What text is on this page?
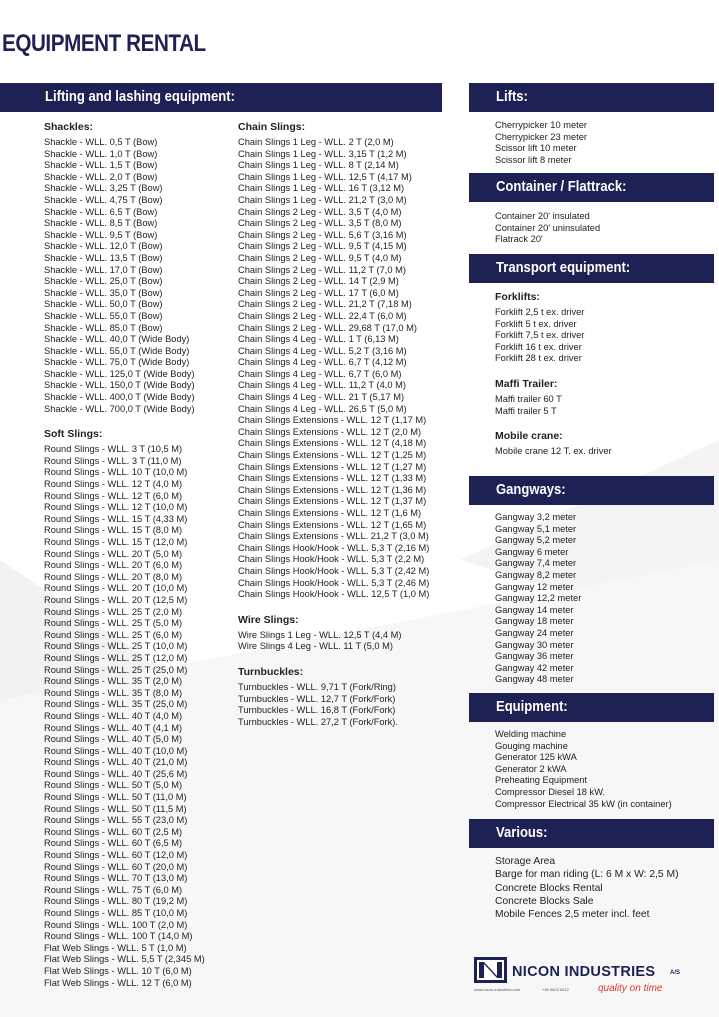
EQUIPMENT RENTAL
Lifting and lashing equipment:	Lifts:
Container / Flattrack:
Transport equipment:
Gangways:
Equipment:
Various:
Shackles:
Shackle - WLL. 0,5 T (Bow)
Shackle - WLL. 1,0 T (Bow)
Shackle - WLL. 1,5 T (Bow)
Shackle - WLL. 2,0 T (Bow)
Shackle - WLL. 3,25 T (Bow)
Shackle - WLL. 4,75 T (Bow)
Shackle - WLL. 6,5 T (Bow)
Shackle - WLL. 8,5 T (Bow)
Shackle - WLL. 9,5 T (Bow)
Shackle - WLL. 12,0 T (Bow)
Shackle - WLL. 13,5 T (Bow)
Shackle - WLL. 17,0 T (Bow)
Shackle - WLL. 25,0 T (Bow)
Shackle - WLL. 35,0 T (Bow)
Shackle - WLL. 50,0 T (Bow)
Shackle - WLL. 55,0 T (Bow)
Shackle - WLL. 85,0 T (Bow)
Shackle - WLL. 40,0 T (Wide Body)
Shackle - WLL. 55,0 T (Wide Body)
Shackle - WLL. 75,0 T (Wide Body)
Shackle - WLL. 125,0 T (Wide Body)
Shackle - WLL. 150,0 T (Wide Body)
Shackle - WLL. 400,0 T (Wide Body)
Shackle - WLL. 700,0 T (Wide Body)
Soft Slings:
Round Slings - WLL. 3 T (10,5 M)
Round Slings - WLL. 3 T (11,0 M)
Round Slings - WLL. 10 T (10,0 M)
Round Slings - WLL. 12 T (4,0 M)
Round Slings - WLL. 12 T (6,0 M)
Round Slings - WLL. 12 T (10,0 M)
Round Slings - WLL. 15 T (4,33 M)
Round Slings - WLL. 15 T (8,0 M)
Round Slings - WLL. 15 T (12,0 M)
Round Slings - WLL. 20 T (5,0 M)
Round Slings - WLL. 20 T (6,0 M)
Round Slings - WLL. 20 T (8,0 M)
Round Slings - WLL. 20 T (10,0 M)
Round Slings - WLL. 20 T (12,5 M)
Round Slings - WLL. 25 T (2,0 M)
Round Slings - WLL. 25 T (5,0 M)
Round Slings - WLL. 25 T (6,0 M)
Round Slings - WLL. 25 T (10,0 M)
Round Slings - WLL. 25 T (12,0 M)
Round Slings - WLL. 25 T (25,0 M)
Round Slings - WLL. 35 T (2,0 M)
Round Slings - WLL. 35 T (8,0 M)
Round Slings - WLL. 35 T (25,0 M)
Round Slings - WLL. 40 T (4,0 M)
Round Slings - WLL. 40 T (4,1 M)
Round Slings - WLL. 40 T (5,0 M)
Round Slings - WLL. 40 T (10,0 M)
Round Slings - WLL. 40 T (21,0 M)
Round Slings - WLL. 40 T (25,6 M)
Round Slings - WLL. 50 T (5,0 M)
Round Slings - WLL. 50 T (11,0 M)
Round Slings - WLL. 50 T (11,5 M)
Round Slings - WLL. 55 T (23,0 M)
Round Slings - WLL. 60 T (2,5 M)
Round Slings - WLL. 60 T (6,5 M)
Round Slings - WLL. 60 T (12,0 M)
Round Slings - WLL. 60 T (20,0 M)
Round Slings - WLL. 70 T (13,0 M)
Round Slings - WLL. 75 T (6,0 M)
Round Slings - WLL. 80 T (19,2 M)
Round Slings - WLL. 85 T (10,0 M)
Round Slings - WLL. 100 T (2,0 M)
Round Slings - WLL. 100 T (14,0 M)
Flat Web Slings - WLL. 5 T (1,0 M)
Flat Web Slings - WLL. 5,5 T (2,345 M)
Flat Web Slings - WLL. 10 T (6,0 M)
Flat Web Slings - WLL. 12 T (6,0 M)
Chain Slings:
Chain Slings 1 Leg - WLL. 2 T (2,0 M)
Chain Slings 1 Leg - WLL. 3,15 T (1,2 M)
Chain Slings 1 Leg - WLL. 8 T (2,14 M)
Chain Slings 1 Leg - WLL. 12,5 T (4,17 M)
Chain Slings 1 Leg - WLL. 16 T (3,12 M)
Chain Slings 1 Leg - WLL. 21,2 T (3,0 M)
Chain Slings 2 Leg - WLL. 3,5 T (4,0 M)
Chain Slings 2 Leg - WLL. 3,5 T (8,0 M)
Chain Slings 2 Leg - WLL. 5,6 T (3,16 M)
Chain Slings 2 Leg - WLL. 9,5 T (4,15 M)
Chain Slings 2 Leg - WLL. 9,5 T (4,0 M)
Chain Slings 2 Leg - WLL. 11,2 T (7,0 M)
Chain Slings 2 Leg - WLL. 14 T (2,9 M)
Chain Slings 2 Leg - WLL. 17 T (6,0 M)
Chain Slings 2 Leg - WLL. 21,2 T (7,18 M)
Chain Slings 2 Leg - WLL. 22,4 T (6,0 M)
Chain Slings 2 Leg - WLL. 29,68 T (17,0 M)
Chain Slings 4 Leg - WLL. 1 T (6,13 M)
Chain Slings 4 Leg - WLL. 5,2 T (3,16 M)
Chain Slings 4 Leg - WLL. 6,7 T (4,12 M)
Chain Slings 4 Leg - WLL. 6,7 T (6,0 M)
Chain Slings 4 Leg - WLL. 11,2 T (4,0 M)
Chain Slings 4 Leg - WLL. 21 T (5,17 M)
Chain Slings 4 Leg - WLL. 26,5 T (5,0 M)
Chain Slings Extensions - WLL. 12 T (1,17 M)
Chain Slings Extensions - WLL. 12 T (2,0 M)
Chain Slings Extensions - WLL. 12 T (4,18 M)
Chain Slings Extensions - WLL. 12 T (1,25 M)
Chain Slings Extensions - WLL. 12 T (1,27 M)
Chain Slings Extensions - WLL. 12 T (1,33 M)
Chain Slings Extensions - WLL. 12 T (1,36 M)
Chain Slings Extensions - WLL. 12 T (1,37 M)
Chain Slings Extensions - WLL. 12 T (1,6 M)
Chain Slings Extensions - WLL. 12 T (1,65 M)
Chain Slings Extensions - WLL. 21,2 T (3,0 M)
Chain Slings Hook/Hook - WLL. 5,3 T (2,16 M)
Chain Slings Hook/Hook - WLL. 5,3 T (2,2 M)
Chain Slings Hook/Hook - WLL. 5,3 T (2,42 M)
Chain Slings Hook/Hook - WLL. 5,3 T (2,46 M)
Chain Slings Hook/Hook - WLL. 12,5 T (1,0 M)
Wire Slings:
Wire Slings 1 Leg - WLL. 12,5 T (4,4 M)
Wire Slings 4 Leg - WLL. 11 T (5,0 M)
Turnbuckles:
Turnbuckles - WLL. 9,71 T (Fork/Ring)
Turnbuckles - WLL. 12,7 T (Fork/Fork)
Turnbuckles - WLL. 16,8 T (Fork/Fork)
Turnbuckles - WLL. 27,2 T (Fork/Fork).
Cherrypicker 10 meter
Cherrypicker 23 meter
Scissor lift 10 meter
Scissor lift 8 meter
Container 20' insulated
Container 20' uninsulated
Flatrack 20'
Forklifts:
Forklift 2,5 t ex. driver
Forklift 5 t ex. driver
Forklift 7,5 t ex. driver
Forklift 16 t ex. driver
Forklift 28 t ex. driver
Maffi Trailer:
Maffi trailer 60 T
Maffi trailer 5 T
Mobile crane:
Mobile crane 12 T. ex. driver
Gangway 3,2 meter
Gangway 5,1 meter
Gangway 5,2 meter
Gangway 6 meter
Gangway 7,4 meter
Gangway 8,2 meter
Gangway 12 meter
Gangway 12,2 meter
Gangway 14 meter
Gangway 18 meter
Gangway 24 meter
Gangway 30 meter
Gangway 36 meter
Gangway 42 meter
Gangway 48 meter
Welding machine
Gouging machine
Generator 125 kWA
Generator 2 kWA
Preheating Equipment
Compressor Diesel 18 kW.
Compressor Electrical 35 kW (in container)
Storage Area
Barge for man riding (L: 6 M x W: 2,5 M)
Concrete Blocks Rental
Concrete Blocks Sale
Mobile Fences 2,5 meter incl. feet
NICON INDUSTRIES A/S
quality on time
www.nicon-industries.com	+45 9623 0012
